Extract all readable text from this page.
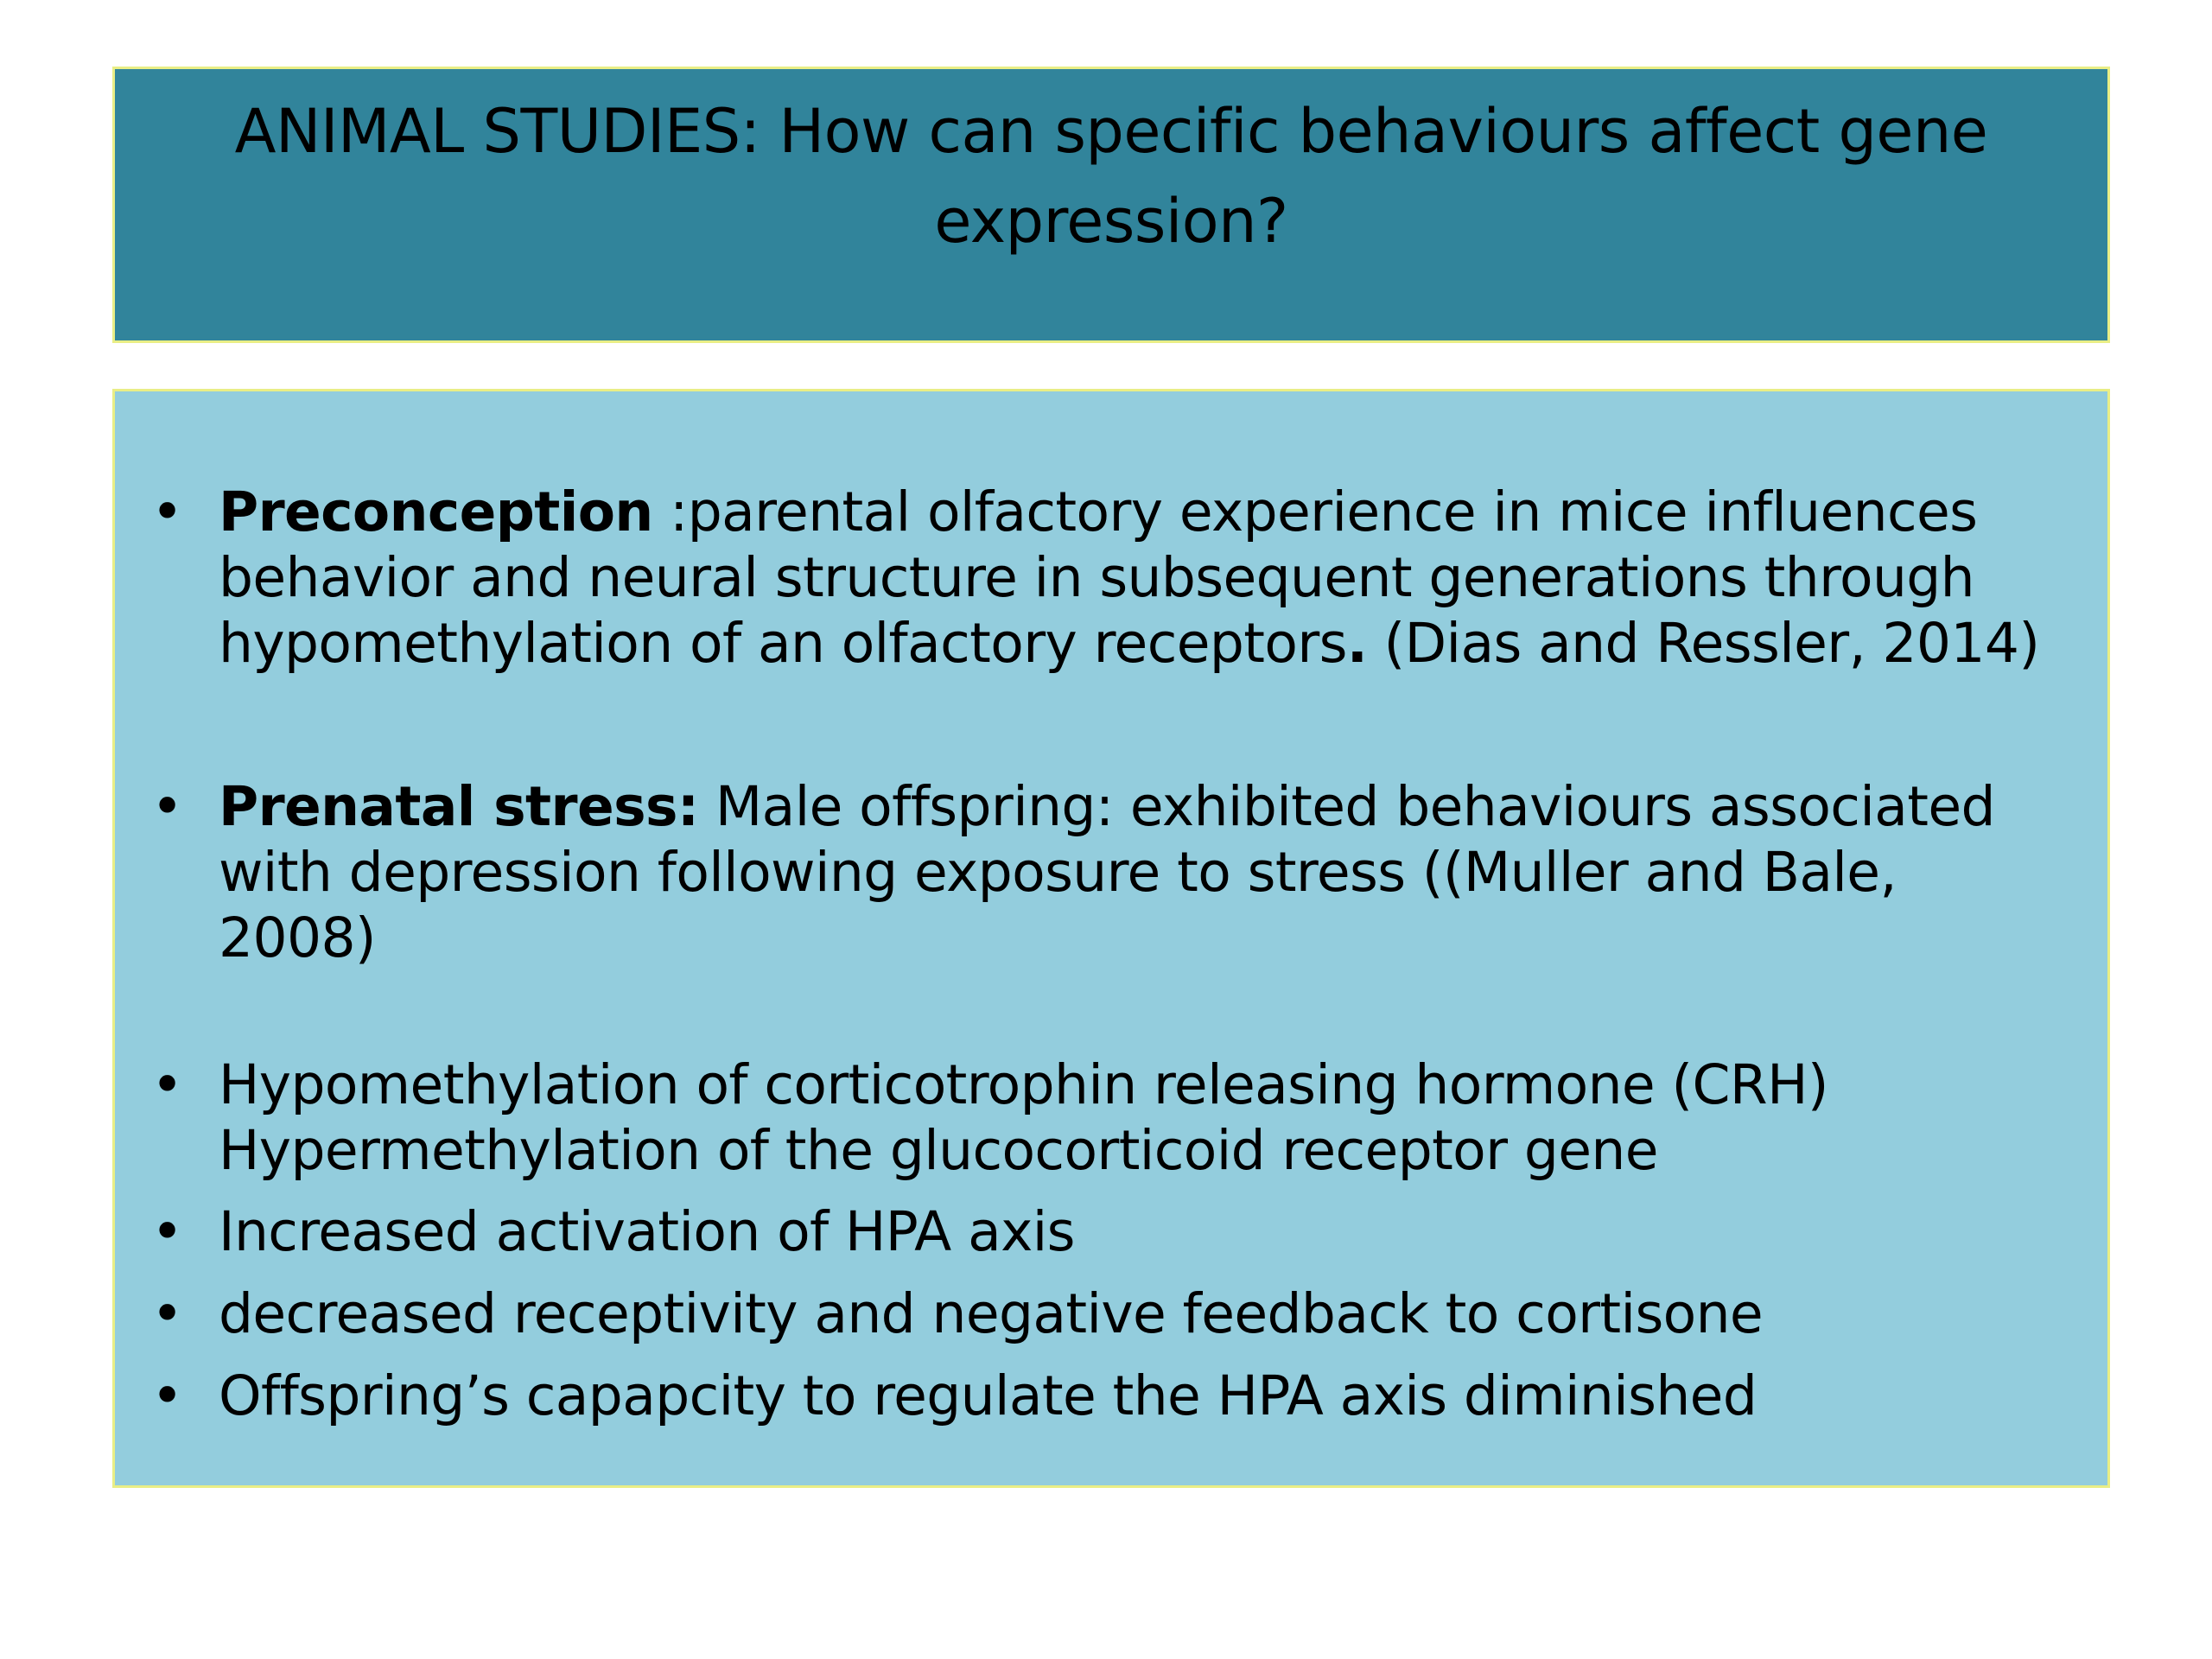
ANIMAL STUDIES: How can specific behaviours affect gene
expression?
• Preconception :parental olfactory experience in mice influences
behavior and neural structure in subsequent generations through
hypomethylation of an olfactory receptors. (Dias and Ressler, 2014)
• Prenatal stress: Male offspring: exhibited behaviours associated
with depression following exposure to stress ((Muller and Bale,
2008)
• Hypomethylation of corticotrophin releasing hormone (CRH)
Hypermethylation of the glucocorticoid receptor gene
• Increased activation of HPA axis
• decreased receptivity and negative feedback to cortisone
• Offspring’s capapcity to regulate the HPA axis diminished
